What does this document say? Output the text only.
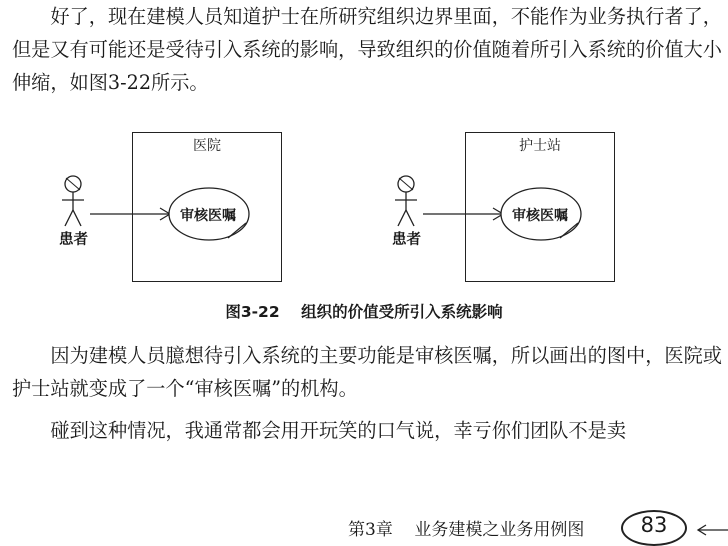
好了，现在建模人员知道护士在所研究组织边界里面，不能作为业务执行者了，但是又有可能还是受待引入系统的影响，导致组织的价值随着所引入系统的价值大小伸缩，如图3-22所示。

医院
患者
审核医嘱
护士站
患者
审核医嘱
图3-22    组织的价值受所引入系统影响

因为建模人员臆想待引入系统的主要功能是审核医嘱，所以画出的图中，医院或护士站就变成了一个“审核医嘱”的机构。

碰到这种情况，我通常都会用开玩笑的口气说，幸亏你们团队不是卖

第3章    业务建模之业务用例图	83
